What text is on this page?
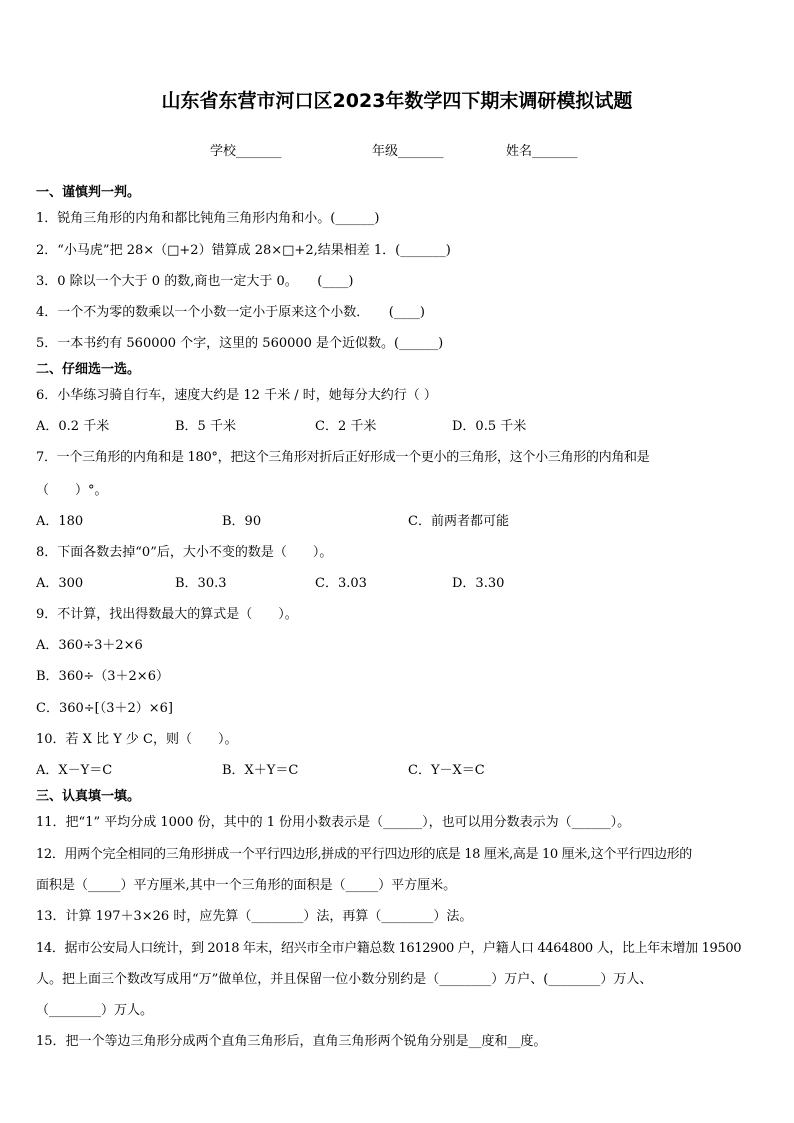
山东省东营市河口区2023年数学四下期末调研模拟试题
学校_______	年级_______	姓名_______
一、谨慎判一判。
1．锐角三角形的内角和都比钝角三角形内角和小。(______)
2．“小马虎”把 28×（□+2）错算成 28×□+2,结果相差 1．(_______)
3．0 除以一个大于 0 的数,商也一定大于 0。　　(____)
4．一个不为零的数乘以一个小数一定小于原来这个小数．　　(____)
5．一本书约有 560000 个字，这里的 560000 是个近似数。(______)
二、仔细选一选。
6．小华练习骑自行车，速度大约是 12 千米 / 时，她每分大约行（ ）
A．0.2 千米	B．5 千米	C．2 千米	D．0.5 千米
7．一个三角形的内角和是 180°，把这个三角形对折后正好形成一个更小的三角形，这个小三角形的内角和是
（　　）°。
A．180	B．90	C．前两者都可能
8．下面各数去掉“0”后，大小不变的数是（　　）。
A．300	B．30.3	C．3.03	D．3.30
9．不计算，找出得数最大的算式是（　　）。
A．360÷3＋2×6
B．360÷（3＋2×6）
C．360÷[（3＋2）×6]
10．若 X 比 Y 少 C，则（　　）。
A．X－Y＝C	B．X＋Y＝C	C．Y－X＝C
三、认真填一填。
11．把“1” 平均分成 1000 份，其中的 1 份用小数表示是（______），也可以用分数表示为（______）。
12．用两个完全相同的三角形拼成一个平行四边形,拼成的平行四边形的底是 18 厘米,高是 10 厘米,这个平行四边形的
面积是（_____）平方厘米,其中一个三角形的面积是（_____）平方厘米。
13．计算 197＋3×26 时，应先算（________）法，再算（________）法。
14．据市公安局人口统计，到 2018 年末，绍兴市全市户籍总数 1612900 户，户籍人口 4464800 人，比上年末增加 19500
人。把上面三个数改写成用“万”做单位，并且保留一位小数分别约是（________）万户、(________）万人、
（________）万人。
15．把一个等边三角形分成两个直角三角形后，直角三角形两个锐角分别是__度和__度。
